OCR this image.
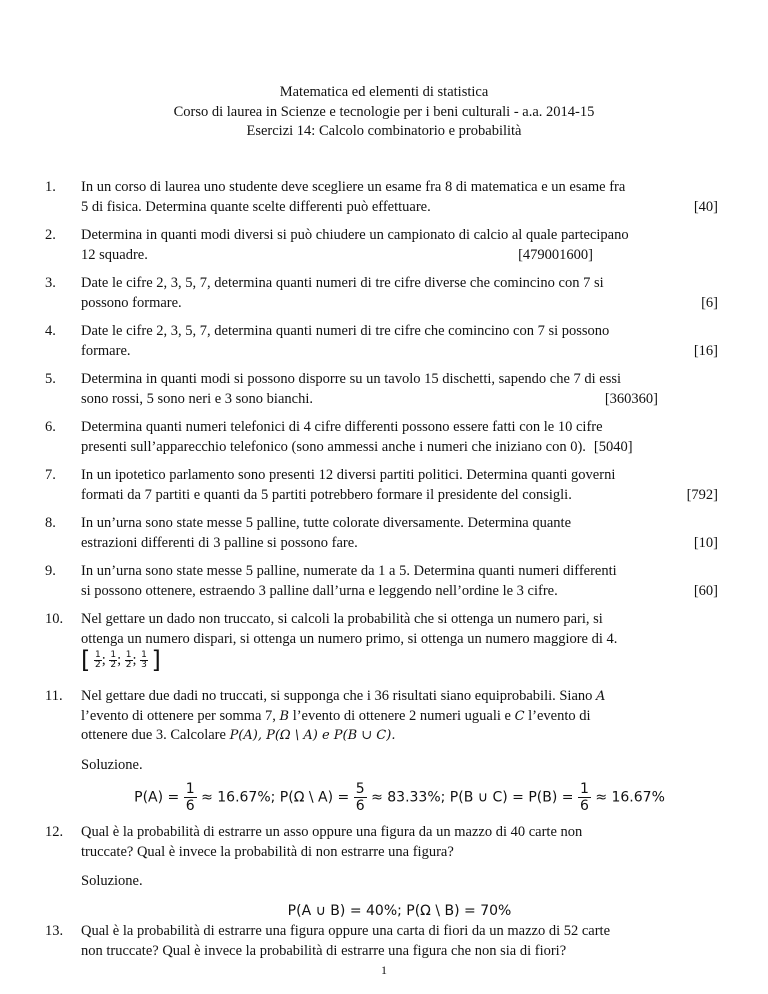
Matematica ed elementi di statistica
Corso di laurea in Scienze e tecnologie per i beni culturali - a.a. 2014-15
Esercizi 14: Calcolo combinatorio e probabilità
1.	In un corso di laurea uno studente deve scegliere un esame fra 8 di matematica e un esame fra
5 di fisica. Determina quante scelte differenti può effettuare.	[40]
2.	Determina in quanti modi diversi si può chiudere un campionato di calcio al quale partecipano
12 squadre.	[479001600]
3.	Date le cifre 2, 3, 5, 7, determina quanti numeri di tre cifre diverse che comincino con 7 si
possono formare.	[6]
4.	Date le cifre 2, 3, 5, 7, determina quanti numeri di tre cifre che comincino con 7 si possono
formare.	[16]
5.	Determina in quanti modi si possono disporre su un tavolo 15 dischetti, sapendo che 7 di essi
sono rossi, 5 sono neri e 3 sono bianchi.	[360360]
6.	Determina quanti numeri telefonici di 4 cifre differenti possono essere fatti con le 10 cifre
presenti sull’apparecchio telefonico (sono ammessi anche i numeri che iniziano con 0). [5040]
7.	In un ipotetico parlamento sono presenti 12 diversi partiti politici. Determina quanti governi
formati da 7 partiti e quanti da 5 partiti potrebbero formare il presidente del consigli.	[792]
8.	In un’urna sono state messe 5 palline, tutte colorate diversamente. Determina quante
estrazioni differenti di 3 palline si possono fare.	[10]
9.	In un’urna sono state messe 5 palline, numerate da 1 a 5. Determina quanti numeri differenti
si possono ottenere, estraendo 3 palline dall’urna e leggendo nell’ordine le 3 cifre.	[60]
10.	Nel gettare un dado non truccato, si calcoli la probabilità che si ottenga un numero pari, si
ottenga un numero dispari, si ottenga un numero primo, si ottenga un numero maggiore di 4.
[ $\frac{1}{2}$ ; $\frac{1}{2}$ ; $\frac{1}{2}$ ; $\frac{1}{3}$ ]
11.	Nel gettare due dadi no truccati, si supponga che i 36 risultati siano equiprobabili. Siano A
l’evento di ottenere per somma 7, B l’evento di ottenere 2 numeri uguali e C l’evento di
ottenere due 3. Calcolare P(A), P(Ω \ A) e P(B ∪ C).
Soluzione.
$P(A) = \frac{1}{6} \approx 16.67\%$; P(Ω \ $A) = \frac{5}{6} \approx 83.33\%$; P(B ∪ $C) = P(B) = \frac{1}{6} \approx 16.67\%$
12.	Qual è la probabilità di estrarre un asso oppure una figura da un mazzo di 40 carte non
truccate? Qual è invece la probabilità di non estrarre una figura?
Soluzione.
P(A ∪ B) = 40%; P(Ω \ B) = 70%
13.	Qual è la probabilità di estrarre una figura oppure una carta di fiori da un mazzo di 52 carte
non truccate? Qual è invece la probabilità di estrarre una figura che non sia di fiori?
1
